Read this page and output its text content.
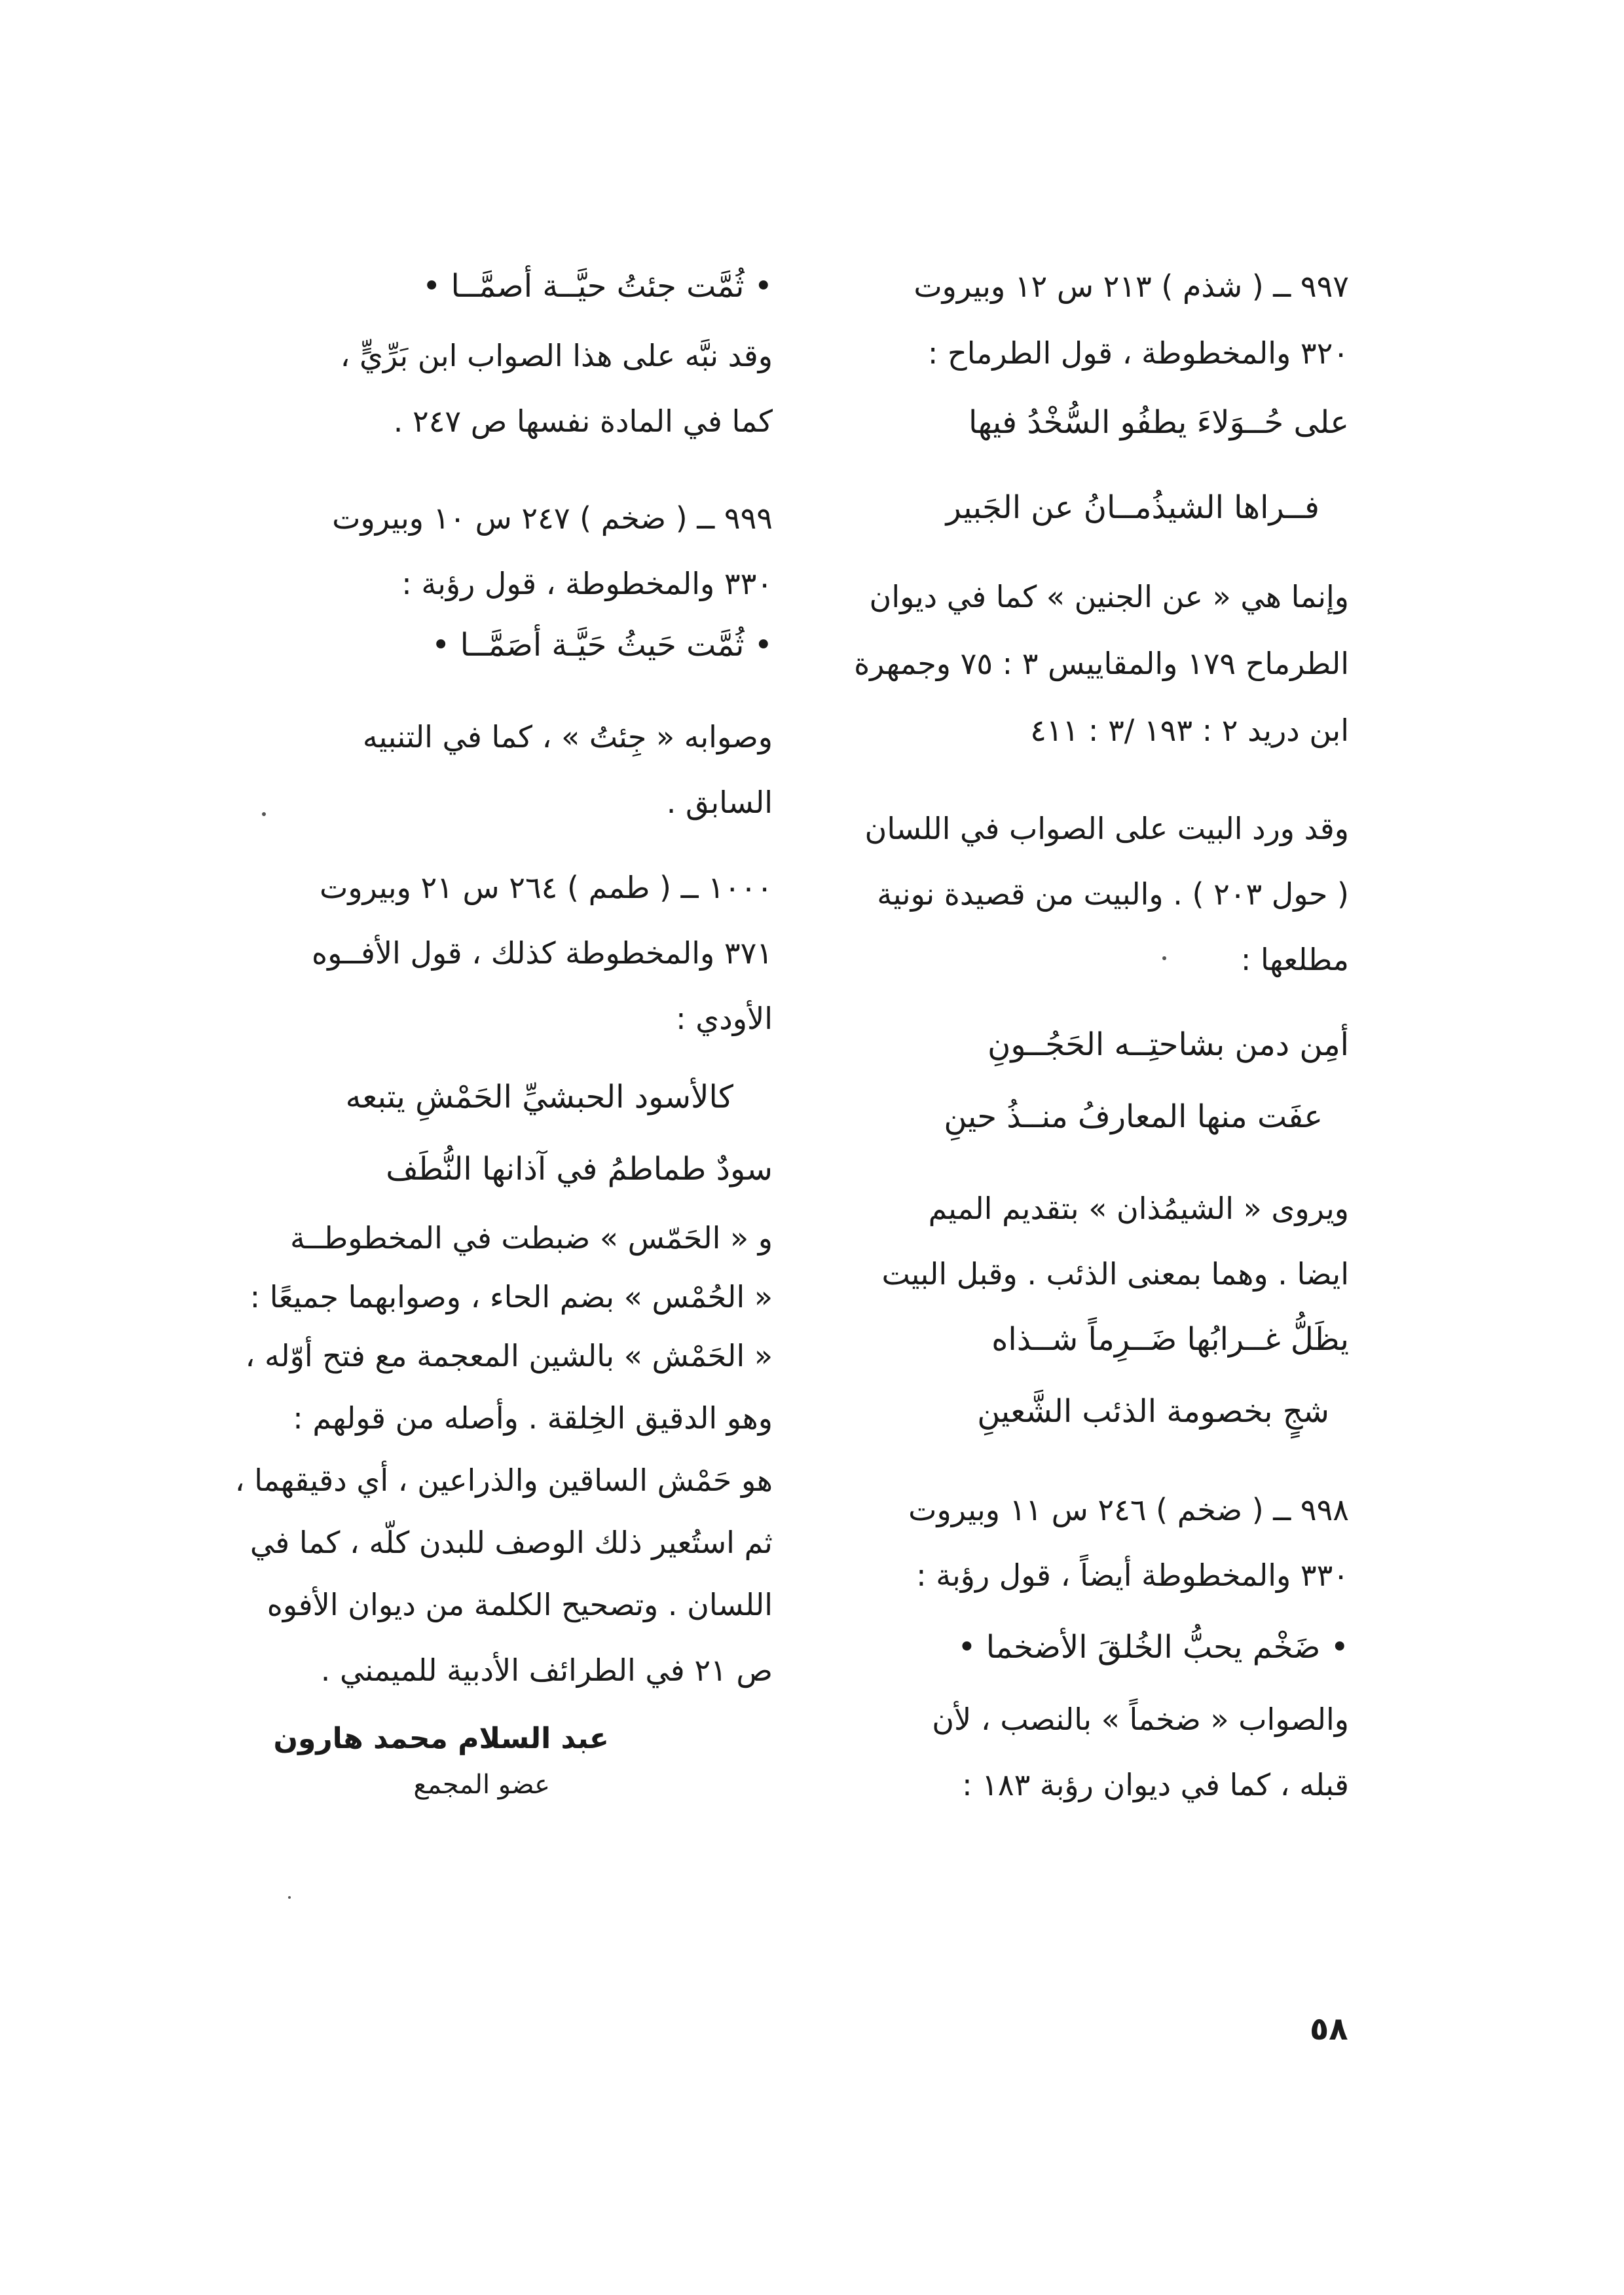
٩٩٧ ــ ( شذم ) ٢١٣ س ١٢ وبيروت
٣٢٠ والمخطوطة ، قول الطرماح :
على حُــوَلاءَ يطفُو السُّخْدُ فيها
فــراها الشيذُمــانُ عن الجَبير
وإنما هي « عن الجنين » كما في ديوان
الطرماح ١٧٩ والمقاييس ٣ : ٧٥ وجمهرة
ابن دريد ٢ : ١٩٣ /٣ : ٤١١
وقد ورد البيت على الصواب في اللسان
( حول ٢٠٣ ) . والبيت من قصيدة نونية
مطلعها :
أمِن دمن بشاحتِــه الحَجُــونِ
عفَت منها المعارفُ منــذُ حينِ
ويروى « الشيمُذان » بتقديم الميم
ايضا . وهما بمعنى الذئب . وقبل البيت
يظَلُّ غــرابُها ضَــرِماً شــذاه
شجٍ بخصومة الذئب الشَّعينِ
٩٩٨ ــ ( ضخم ) ٢٤٦ س ١١ وبيروت
٣٣٠ والمخطوطة أيضاً ، قول رؤبة :
• ضَخْم يحبُّ الخُلقَ الأضخما •
والصواب « ضخماً » بالنصب ، لأن
قبله ، كما في ديوان رؤبة ١٨٣ :
• ثُمَّت جئتُ حيَّــة أصمَّــا •
وقد نبَّه على هذا الصواب ابن بَرِّيٍّ ،
كما في المادة نفسها ص ٢٤٧ .
٩٩٩ ــ ( ضخم ) ٢٤٧ س ١٠ وبيروت
٣٣٠ والمخطوطة ، قول رؤبة :
• ثُمَّت حَيثُ حَيَّـة أصَمَّــا •
وصوابه « جِئتُ » ، كما في التنبيه
السابق .
١٠٠٠ ــ ( طمم ) ٢٦٤ س ٢١ وبيروت
٣٧١ والمخطوطة كذلك ، قول الأفــوه
الأودي :
كالأسود الحبشيِّ الحَمْشِ يتبعه
سودٌ طماطمُ في آذانها النُّطَف
و « الحَمّس » ضبطت في المخطوطــة
« الحُمْس » بضم الحاء ، وصوابهما جميعًا :
« الحَمْش » بالشين المعجمة مع فتح أوّله ،
وهو الدقيق الخِلقة . وأصله من قولهم :
هو حَمْش الساقين والذراعين ، أي دقيقهما ،
ثم استُعير ذلك الوصف للبدن كلّه ، كما في
اللسان . وتصحيح الكلمة من ديوان الأفوه
ص ٢١ في الطرائف الأدبية للميمني .
عبد السلام محمد هارون
عضو المجمع
٥٨
